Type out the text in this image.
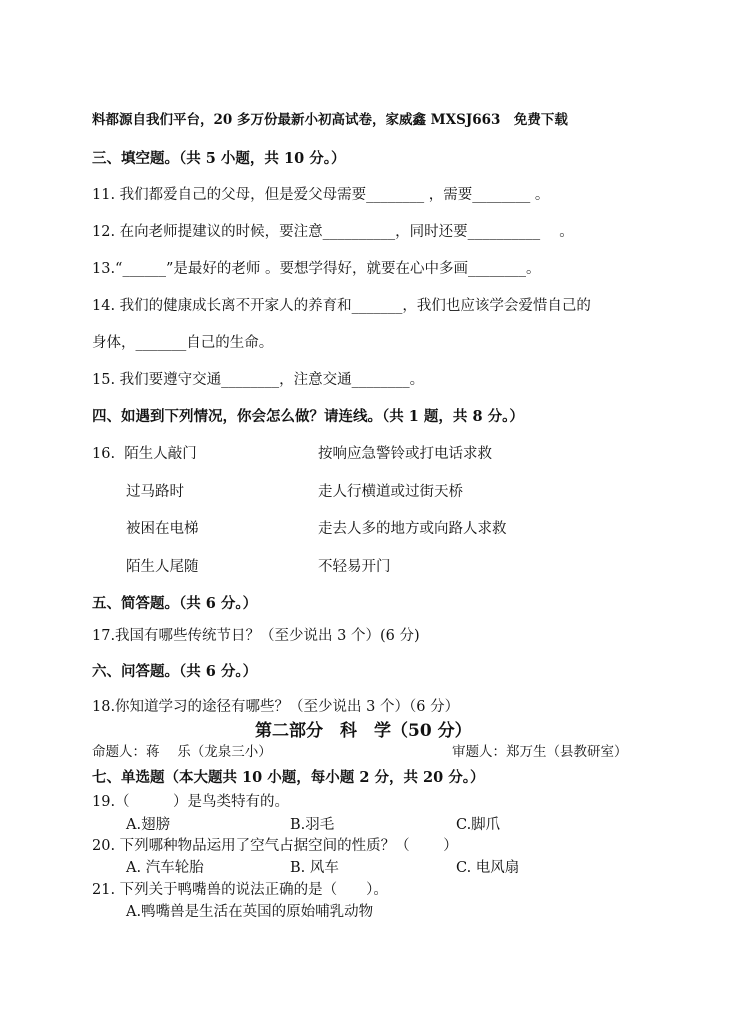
料都源自我们平台，20 多万份最新小初高试卷，家威鑫 MXSJ663　免费下载
三、填空题。（共 5 小题，共 10 分。）
11. 我们都爱自己的父母，但是爱父母需要________ ，需要________ 。
12. 在向老师提建议的时候，要注意__________，同时还要__________　 。
13.“______”是最好的老师 。要想学得好，就要在心中多画________。
14. 我们的健康成长离不开家人的养育和_______，我们也应该学会爱惜自己的
身体，_______自己的生命。
15. 我们要遵守交通________，注意交通________。
四、如遇到下列情况，你会怎么做？请连线。（共 1 题，共 8 分。）
16.  陌生人敲门	按响应急警铃或打电话求救
过马路时	走人行横道或过街天桥
被困在电梯	走去人多的地方或向路人求救
陌生人尾随	不轻易开门
五、简答题。（共 6 分。）
17.我国有哪些传统节日？（至少说出 3 个）(6 分)
六、问答题。（共 6 分。）
18.你知道学习的途径有哪些？（至少说出 3 个）（6 分）
第二部分　科　学（50 分）
命题人：蒋　 乐（龙泉三小）	审题人：郑万生（县教研室）
七、单选题（本大题共 10 小题，每小题 2 分，共 20 分。）
19.（　　　）是鸟类特有的。
A.翅膀	B.羽毛	C.脚爪
20. 下列哪种物品运用了空气占据空间的性质？（　　 ）
A. 汽车轮胎	B. 风车	C. 电风扇
21. 下列关于鸭嘴兽的说法正确的是（　　）。
A.鸭嘴兽是生活在英国的原始哺乳动物
